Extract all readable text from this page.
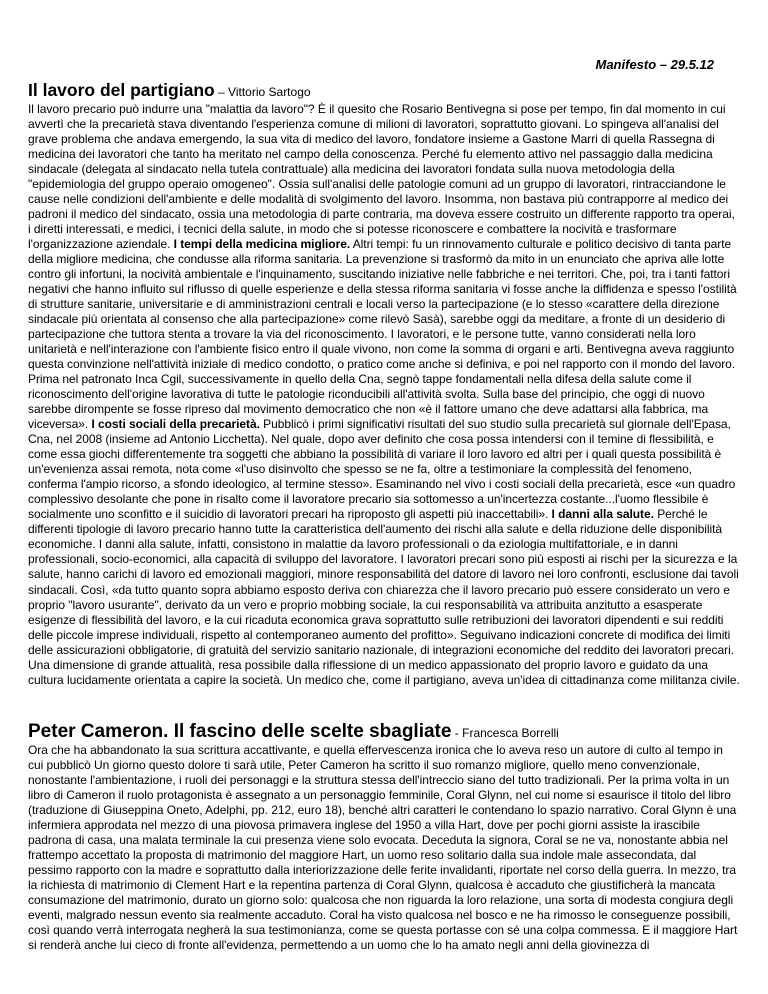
Manifesto – 29.5.12

Il lavoro del partigiano – Vittorio Sartogo

Il lavoro precario può indurre una "malattia da lavoro"? È il quesito che Rosario Bentivegna si pose per tempo, fin dal momento in cui avvertì che la precarietà stava diventando l'esperienza comune di milioni di lavoratori, soprattutto giovani. Lo spingeva all'analisi del grave problema che andava emergendo, la sua vita di medico del lavoro, fondatore insieme a Gastone Marri di quella Rassegna di medicina dei lavoratori che tanto ha meritato nel campo della conoscenza. Perché fu elemento attivo nel passaggio dalla medicina sindacale (delegata al sindacato nella tutela contrattuale) alla medicina dei lavoratori fondata sulla nuova metodologia della "epidemiologia del gruppo operaio omogeneo". Ossia sull'analisi delle patologie comuni ad un gruppo di lavoratori, rintracciandone le cause nelle condizioni dell'ambiente e delle modalità di svolgimento del lavoro. Insomma, non bastava più contrapporre al medico dei padroni il medico del sindacato, ossia una metodologia di parte contraria, ma doveva essere costruito un differente rapporto tra operai, i diretti interessati, e medici, i tecnici della salute, in modo che si potesse riconoscere e combattere la nocività e trasformare l'organizzazione aziendale. I tempi della medicina migliore. Altri tempi: fu un rinnovamento culturale e politico decisivo di tanta parte della migliore medicina, che condusse alla riforma sanitaria. La prevenzione si trasformò da mito in un enunciato che apriva alle lotte contro gli infortuni, la nocività ambientale e l'inquinamento, suscitando iniziative nelle fabbriche e nei territori. Che, poi, tra i tanti fattori negativi che hanno influito sul riflusso di quelle esperienze e della stessa riforma sanitaria vi fosse anche la diffidenza e spesso l'ostilità di strutture sanitarie, universitarie e di amministrazioni centrali e locali verso la partecipazione (e lo stesso «carattere della direzione sindacale più orientata al consenso che alla partecipazione» come rilevò Sasà), sarebbe oggi da meditare, a fronte di un desiderio di partecipazione che tuttora stenta a trovare la via del riconoscimento. I lavoratori, e le persone tutte, vanno considerati nella loro unitarietà e nell'interazione con l'ambiente fisico entro il quale vivono, non come la somma di organi e arti. Bentivegna aveva raggiunto questa convinzione nell'attività iniziale di medico condotto, o pratico come anche si definiva, e poi nel rapporto con il mondo del lavoro. Prima nel patronato Inca Cgil, successivamente in quello della Cna, segnò tappe fondamentali nella difesa della salute come il riconoscimento dell'origine lavorativa di tutte le patologie riconducibili all'attività svolta. Sulla base del principio, che oggi di nuovo sarebbe dirompente se fosse ripreso dal movimento democratico che non «è il fattore umano che deve adattarsi alla fabbrica, ma viceversa». I costi sociali della precarietà. Pubblicò i primi significativi risultati del suo studio sulla precarietà sul giornale dell'Epasa, Cna, nel 2008 (insieme ad Antonio Licchetta). Nel quale, dopo aver definito che cosa possa intendersi con il temine di flessibilità, e come essa giochi differentemente tra soggetti che abbiano la possibilità di variare il loro lavoro ed altri per i quali questa possibilità è un'evenienza assai remota, nota come «l'uso disinvolto che spesso se ne fa, oltre a testimoniare la complessità del fenomeno, conferma l'ampio ricorso, a sfondo ideologico, al termine stesso». Esaminando nel vivo i costi sociali della precarietà, esce «un quadro complessivo desolante che pone in risalto come il lavoratore precario sia sottomesso a un'incertezza costante...l'uomo flessibile è socialmente uno sconfitto e il suicidio di lavoratori precari ha riproposto gli aspetti più inaccettabili». I danni alla salute. Perché le differenti tipologie di lavoro precario hanno tutte la caratteristica dell'aumento dei rischi alla salute e della riduzione delle disponibilità economiche. I danni alla salute, infatti, consistono in malattie da lavoro professionali o da eziologia multifattoriale, e in danni professionali, socio-economici, alla capacità di sviluppo del lavoratore. I lavoratori precari sono più esposti ai rischi per la sicurezza e la salute, hanno carichi di lavoro ed emozionali maggiori, minore responsabilità del datore di lavoro nei loro confronti, esclusione dai tavoli sindacali. Così, «da tutto quanto sopra abbiamo esposto deriva con chiarezza che il lavoro precario può essere considerato un vero e proprio "lavoro usurante", derivato da un vero e proprio mobbing sociale, la cui responsabilità va attribuita anzitutto a esasperate esigenze di flessibilità del lavoro, e la cui ricaduta economica grava soprattutto sulle retribuzioni dei lavoratori dipendenti e sui redditi delle piccole imprese individuali, rispetto al contemporaneo aumento del profitto». Seguivano indicazioni concrete di modifica dei limiti delle assicurazioni obbligatorie, di gratuità del servizio sanitario nazionale, di integrazioni economiche del reddito dei lavoratori precari. Una dimensione di grande attualità, resa possibile dalla riflessione di un medico appassionato del proprio lavoro e guidato da una cultura lucidamente orientata a capire la società. Un medico che, come il partigiano, aveva un'idea di cittadinanza come militanza civile.

Peter Cameron. Il fascino delle scelte sbagliate - Francesca Borrelli

Ora che ha abbandonato la sua scrittura accattivante, e quella effervescenza ironica che lo aveva reso un autore di culto al tempo in cui pubblicò Un giorno questo dolore ti sarà utile, Peter Cameron ha scritto il suo romanzo migliore, quello meno convenzionale, nonostante l'ambientazione, i ruoli dei personaggi e la struttura stessa dell'intreccio siano del tutto tradizionali. Per la prima volta in un libro di Cameron il ruolo protagonista è assegnato a un personaggio femminile, Coral Glynn, nel cui nome si esaurisce il titolo del libro (traduzione di Giuseppina Oneto, Adelphi, pp. 212, euro 18), benché altri caratteri le contendano lo spazio narrativo. Coral Glynn è una infermiera approdata nel mezzo di una piovosa primavera inglese del 1950 a villa Hart, dove per pochi giorni assiste la irascibile padrona di casa, una malata terminale la cui presenza viene solo evocata. Deceduta la signora, Coral se ne va, nonostante abbia nel frattempo accettato la proposta di matrimonio del maggiore Hart, un uomo reso solitario dalla sua indole male assecondata, dal pessimo rapporto con la madre e soprattutto dalla interiorizzazione delle ferite invalidanti, riportate nel corso della guerra. In mezzo, tra la richiesta di matrimonio di Clement Hart e la repentina partenza di Coral Glynn, qualcosa è accaduto che giustificherà la mancata consumazione del matrimonio, durato un giorno solo: qualcosa che non riguarda la loro relazione, una sorta di modesta congiura degli eventi, malgrado nessun evento sia realmente accaduto. Coral ha visto qualcosa nel bosco e ne ha rimosso le conseguenze possibili, così quando verrà interrogata negherà la sua testimonianza, come se questa portasse con sé una colpa commessa. E il maggiore Hart si renderà anche lui cieco di fronte all'evidenza, permettendo a un uomo che lo ha amato negli anni della giovinezza di
